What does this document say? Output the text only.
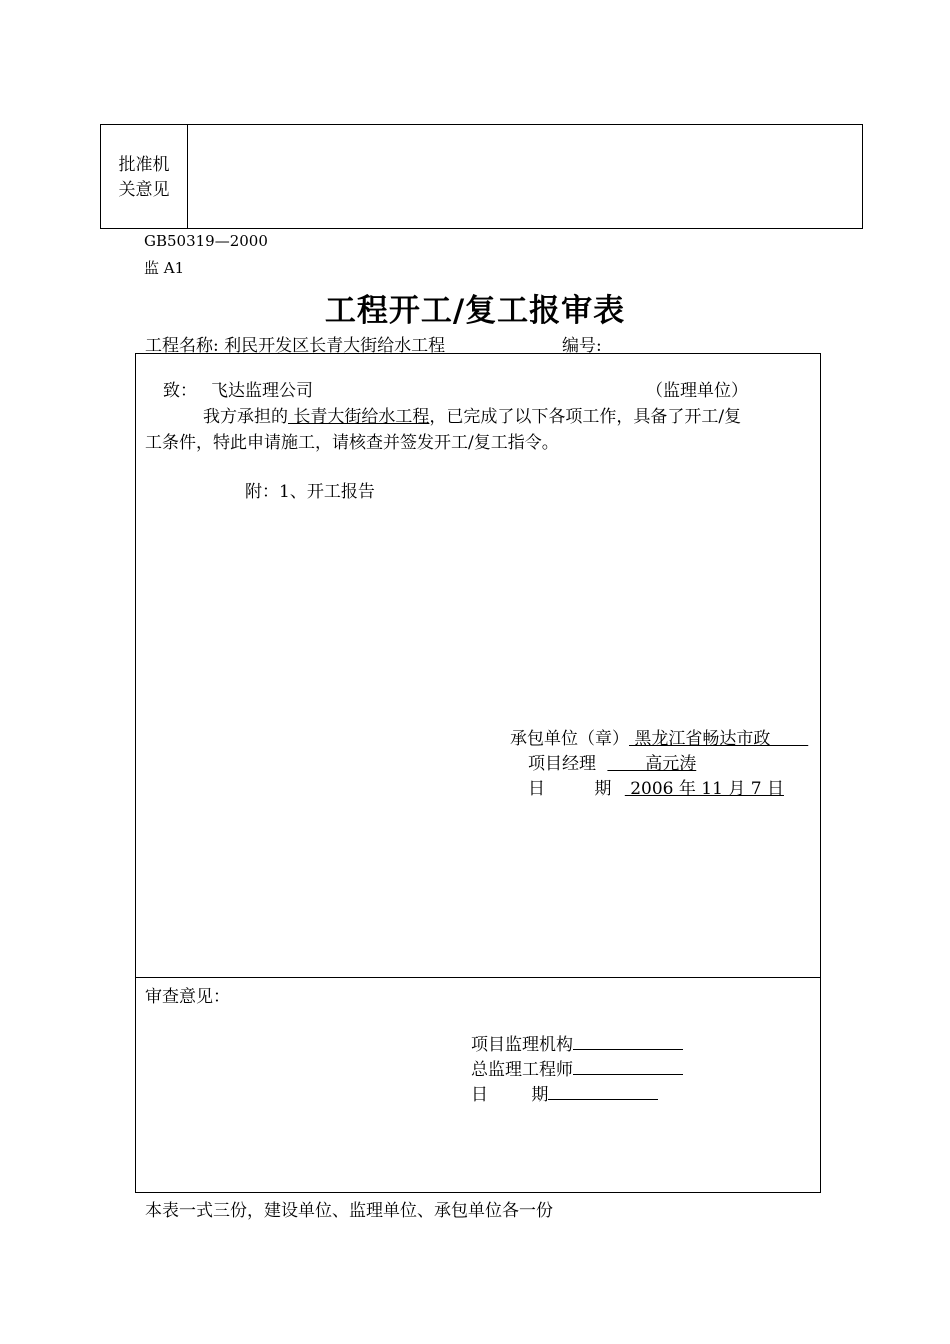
批准机
关意见
GB50319—2000
监 A1
工程开工/复工报审表
工程名称: 利民开发区长青大街给水工程	编号:
致： 飞达监理公司	（监理单位）
我方承担的 长青大街给水工程，已完成了以下各项工作，具备了开工/复
工条件，特此申请施工，请核查并签发开工/复工指令。
附：1、开工报告
承包单位（章） 黑龙江省畅达市政
项目经理        高元涛
日	期  2006 年 11 月 7 日
审查意见：
项目监理机构
总监理工程师
日	期
本表一式三份，建设单位、监理单位、承包单位各一份
